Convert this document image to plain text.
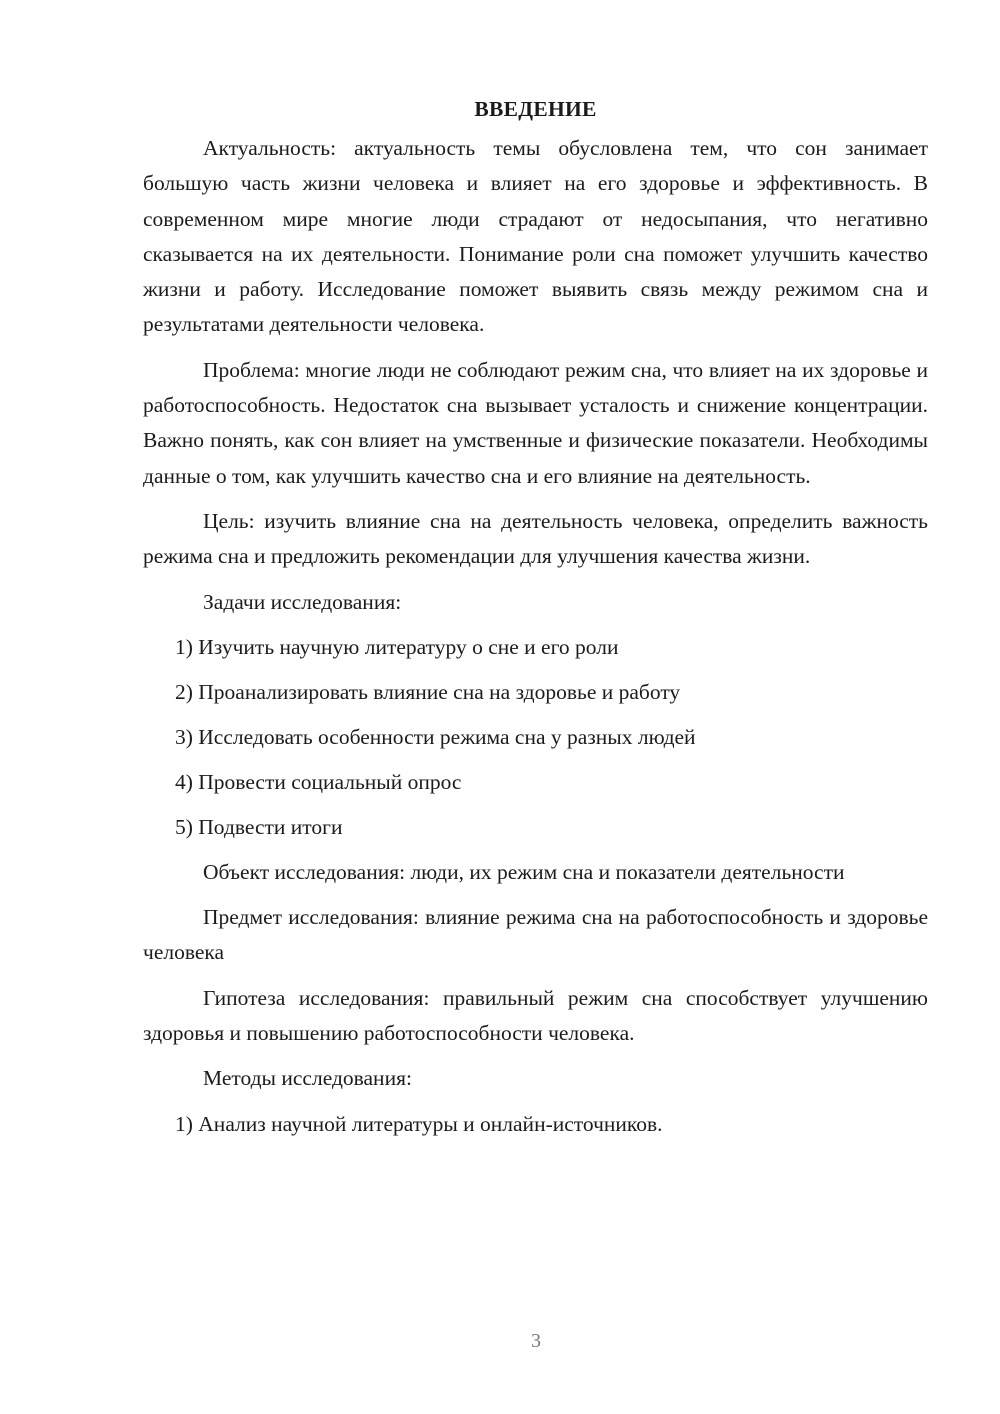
ВВЕДЕНИЕ

Актуальность: актуальность темы обусловлена тем, что сон занимает большую часть жизни человека и влияет на его здоровье и эффективность. В современном мире многие люди страдают от недосыпания, что негативно сказывается на их деятельности. Понимание роли сна поможет улучшить качество жизни и работу. Исследование поможет выявить связь между режимом сна и результатами деятельности человека.

Проблема: многие люди не соблюдают режим сна, что влияет на их здоровье и работоспособность. Недостаток сна вызывает усталость и снижение концентрации. Важно понять, как сон влияет на умственные и физические показатели. Необходимы данные о том, как улучшить качество сна и его влияние на деятельность.

Цель: изучить влияние сна на деятельность человека, определить важность режима сна и предложить рекомендации для улучшения качества жизни.

Задачи исследования:

1) Изучить научную литературу о сне и его роли
2) Проанализировать влияние сна на здоровье и работу
3) Исследовать особенности режима сна у разных людей
4) Провести социальный опрос
5) Подвести итоги

Объект исследования: люди, их режим сна и показатели деятельности

Предмет исследования: влияние режима сна на работоспособность и здоровье человека

Гипотеза исследования: правильный режим сна способствует улучшению здоровья и повышению работоспособности человека.

Методы исследования:

1) Анализ научной литературы и онлайн-источников.
3
